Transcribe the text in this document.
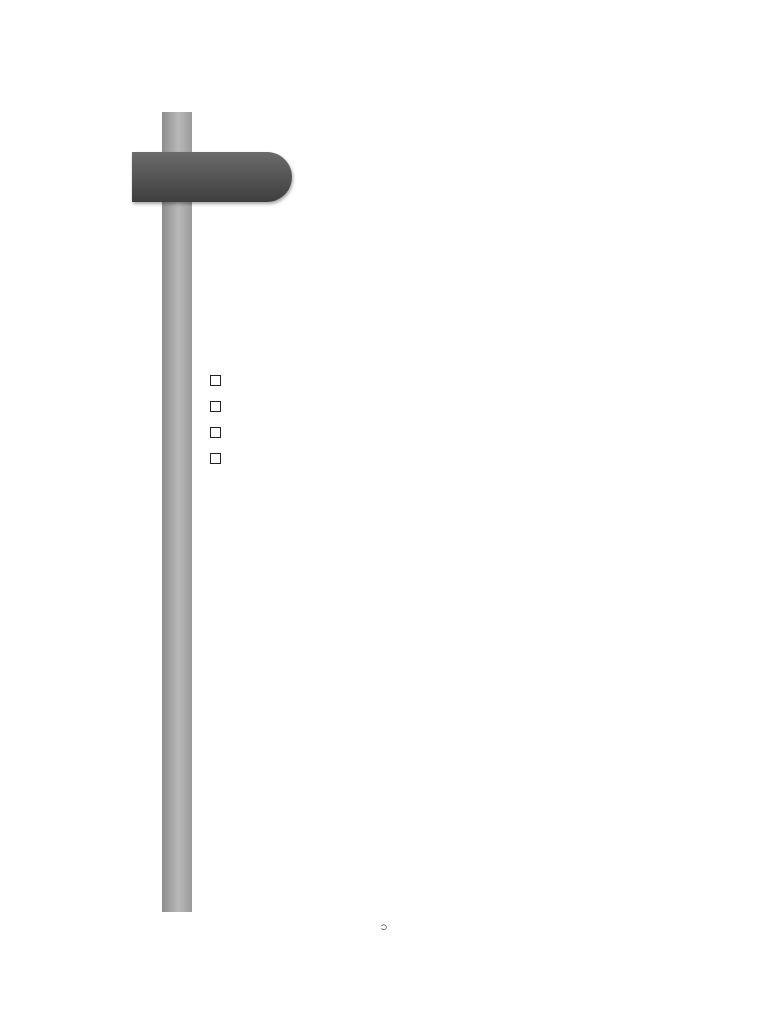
၁
